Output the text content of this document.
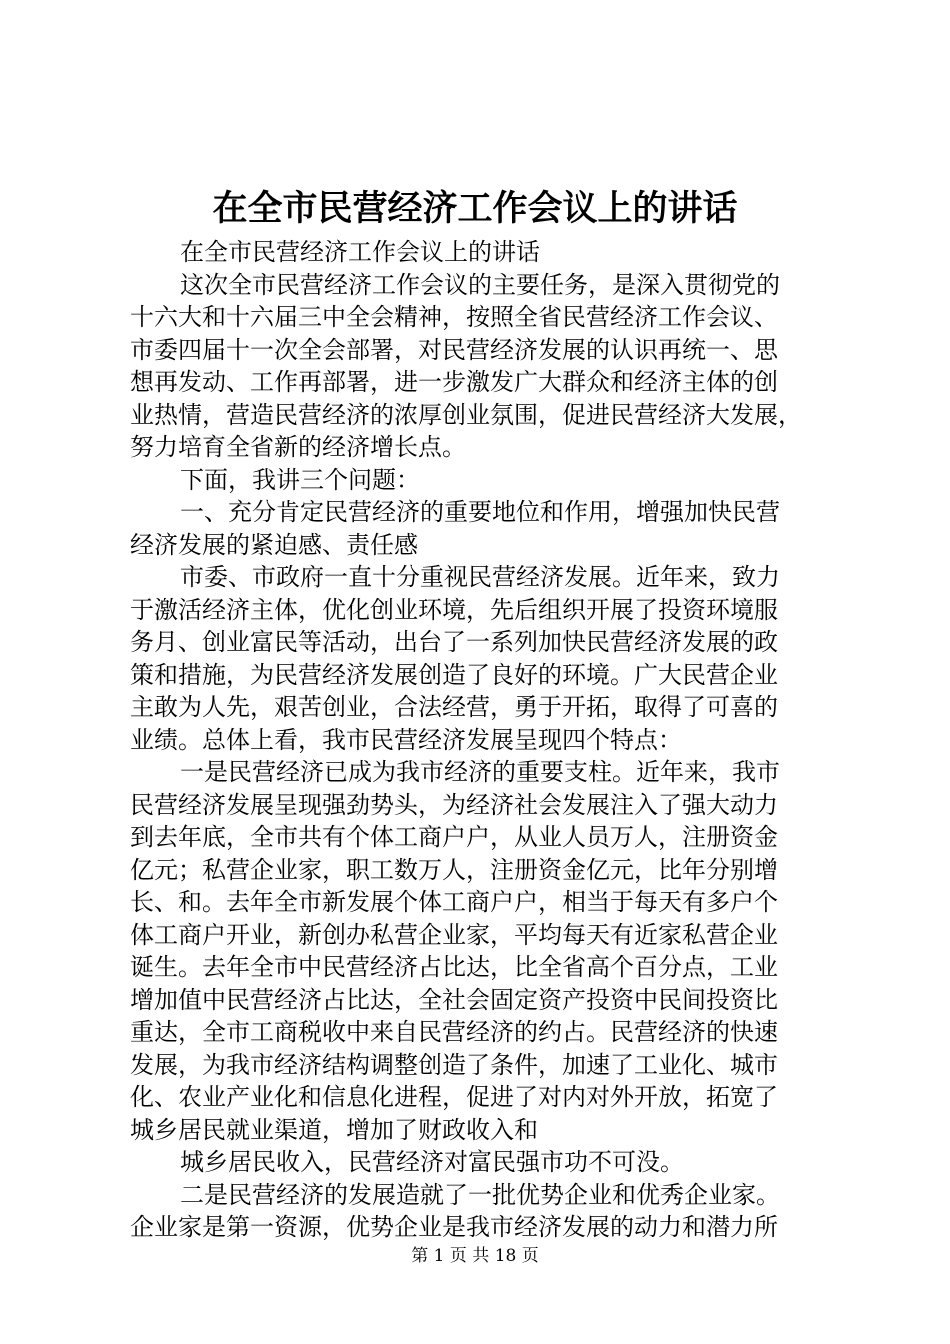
在全市民营经济工作会议上的讲话
在全市民营经济工作会议上的讲话
这次全市民营经济工作会议的主要任务，是深入贯彻党的
十六大和十六届三中全会精神，按照全省民营经济工作会议、
市委四届十一次全会部署，对民营经济发展的认识再统一、思
想再发动、工作再部署，进一步激发广大群众和经济主体的创
业热情，营造民营经济的浓厚创业氛围，促进民营经济大发展，
努力培育全省新的经济增长点。
下面，我讲三个问题：
一、充分肯定民营经济的重要地位和作用，增强加快民营
经济发展的紧迫感、责任感
市委、市政府一直十分重视民营经济发展。近年来，致力
于激活经济主体，优化创业环境，先后组织开展了投资环境服
务月、创业富民等活动，出台了一系列加快民营经济发展的政
策和措施，为民营经济发展创造了良好的环境。广大民营企业
主敢为人先，艰苦创业，合法经营，勇于开拓，取得了可喜的
业绩。总体上看，我市民营经济发展呈现四个特点：
一是民营经济已成为我市经济的重要支柱。近年来，我市
民营经济发展呈现强劲势头，为经济社会发展注入了强大动力
到去年底，全市共有个体工商户户，从业人员万人，注册资金
亿元；私营企业家，职工数万人，注册资金亿元，比年分别增
长、和。去年全市新发展个体工商户户，相当于每天有多户个
体工商户开业，新创办私营企业家，平均每天有近家私营企业
诞生。去年全市中民营经济占比达，比全省高个百分点，工业
增加值中民营经济占比达，全社会固定资产投资中民间投资比
重达，全市工商税收中来自民营经济的约占。民营经济的快速
发展，为我市经济结构调整创造了条件，加速了工业化、城市
化、农业产业化和信息化进程，促进了对内对外开放，拓宽了
城乡居民就业渠道，增加了财政收入和
城乡居民收入，民营经济对富民强市功不可没。
二是民营经济的发展造就了一批优势企业和优秀企业家。
企业家是第一资源，优势企业是我市经济发展的动力和潜力所
第 1 页 共 18 页
